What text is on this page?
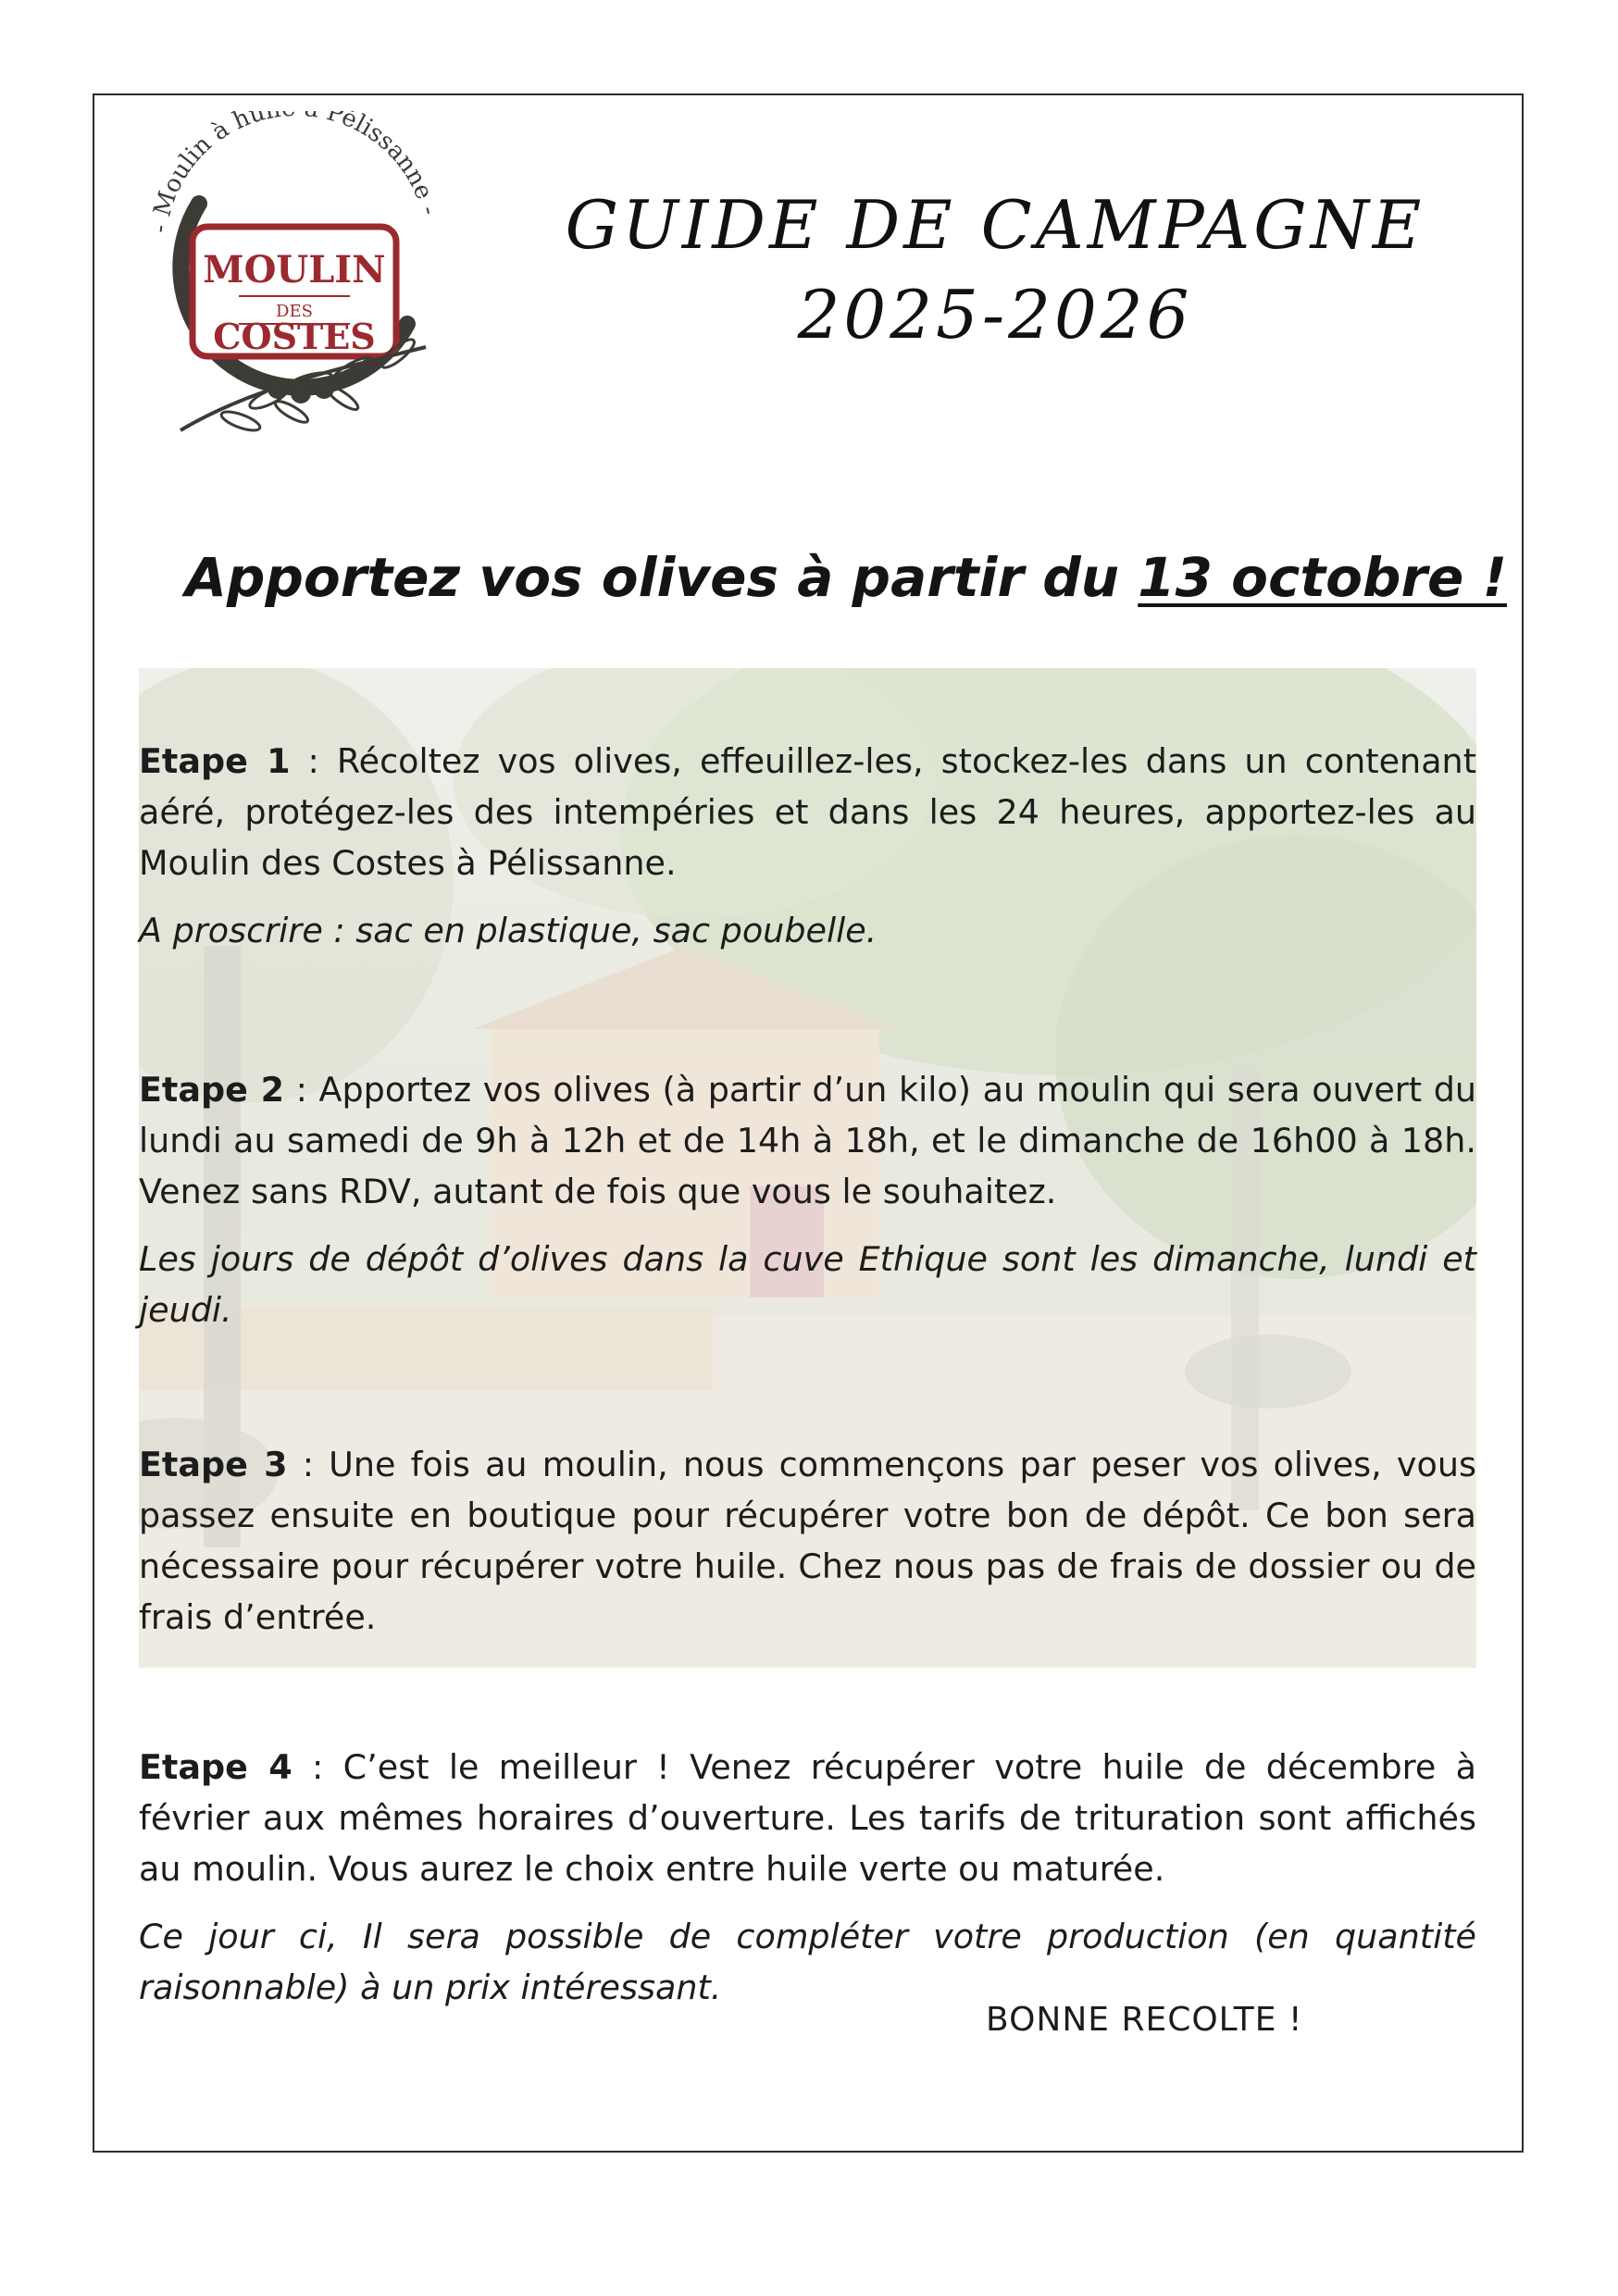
- Moulin à hu Pélissanne -
MOULIN
DES
COSTES
GUIDE DE CAMPAGNE
2025-2026
Apportez vos olives à partir du 13 octobre !

Etape 1 : Récoltez vos olives, effeuillez-les, stockez-les dans un contenant aéré, protégez-les des intempéries et dans les 24 heures, apportez-les au Moulin des Costes à Pélissanne.

A proscrire : sac en plastique, sac poubelle.

Etape 2 : Apportez vos olives (à partir d’un kilo) au moulin qui sera ouvert du lundi au samedi de 9h à 12h et de 14h à 18h, et le dimanche de 16h00 à 18h. Venez sans RDV, autant de fois que vous le souhaitez.

Les jours de dépôt d’olives dans la cuve Ethique sont les dimanche, lundi et jeudi.

Etape 3 : Une fois au moulin, nous commençons par peser vos olives, vous passez ensuite en boutique pour récupérer votre bon de dépôt. Ce bon sera nécessaire pour récupérer votre huile. Chez nous pas de frais de dossier ou de frais d’entrée.

Etape 4 : C’est le meilleur ! Venez récupérer votre huile de décembre à février aux mêmes horaires d’ouverture. Les tarifs de trituration sont affichés au moulin. Vous aurez le choix entre huile verte ou maturée.

Ce jour ci, Il sera possible de compléter votre production (en quantité raisonnable) à un prix intéressant.

BONNE RECOLTE !
